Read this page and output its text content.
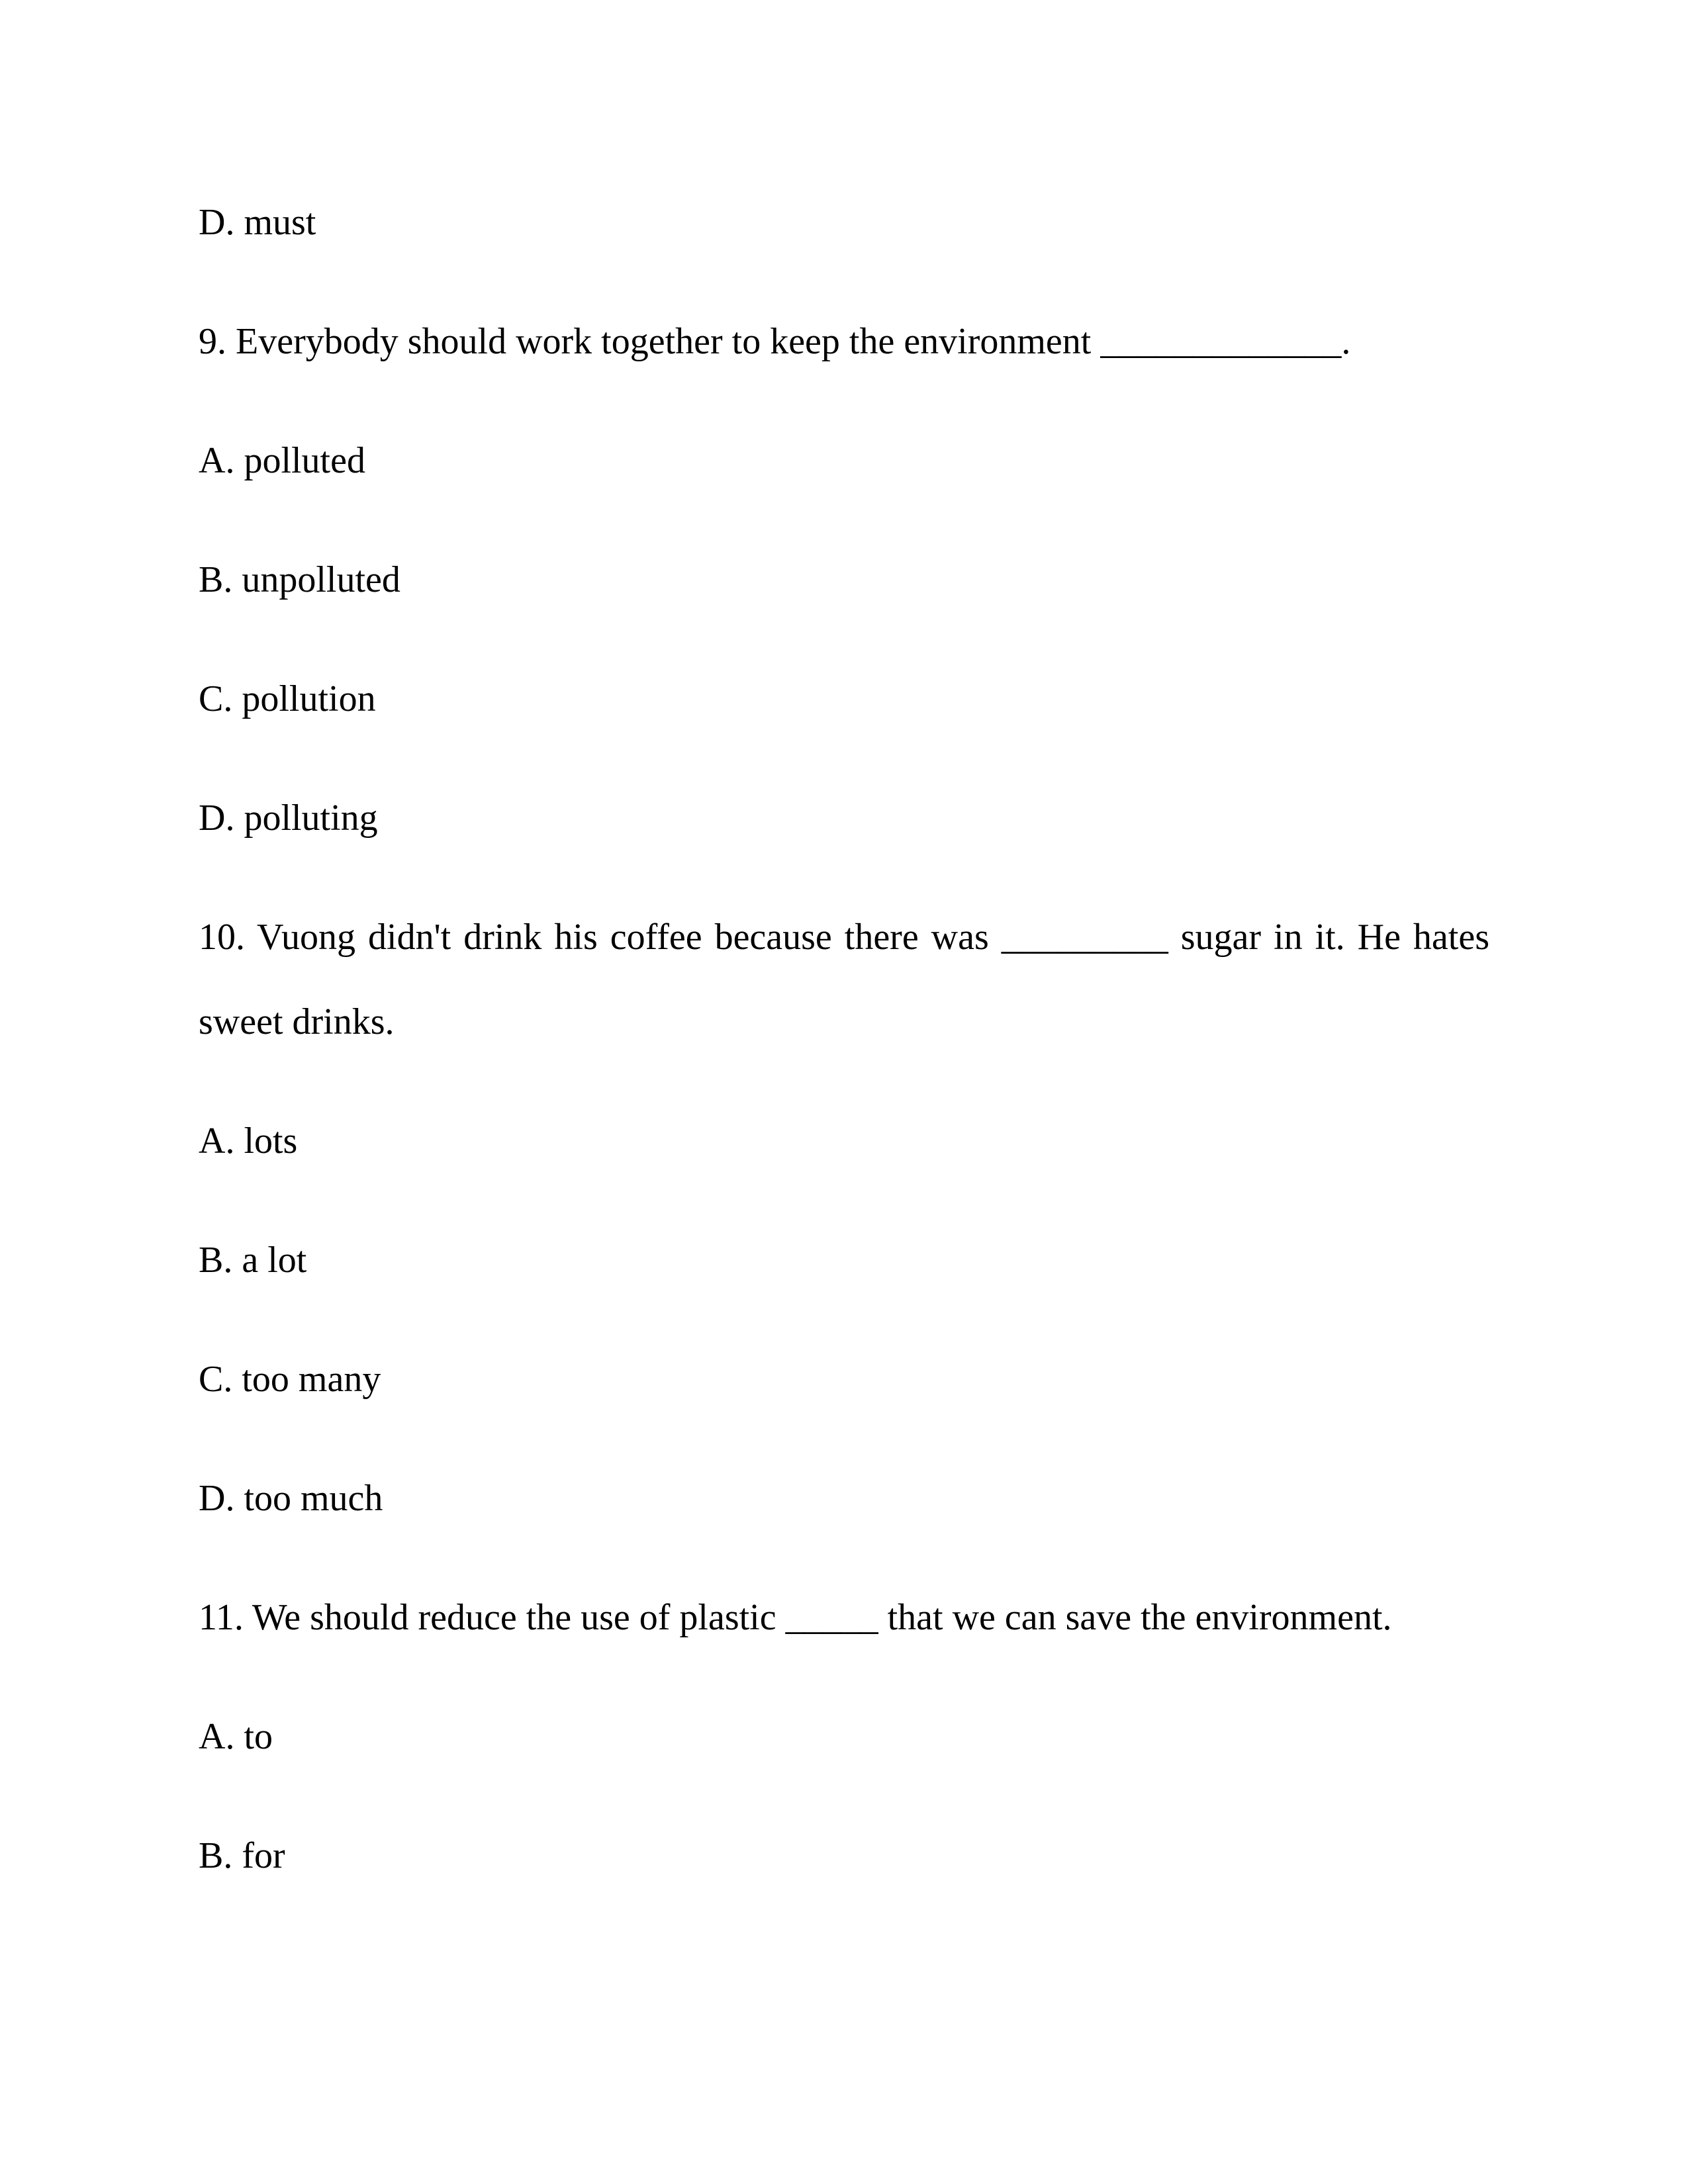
D. must
9. Everybody should work together to keep the environment _____________.
A. polluted
B. unpolluted
C. pollution
D. polluting
10. Vuong didn't drink his coffee because there was _________ sugar in it. He hates
sweet drinks.
A. lots
B. a lot
C. too many
D. too much
11. We should reduce the use of plastic _____ that we can save the environment.
A. to
B. for
